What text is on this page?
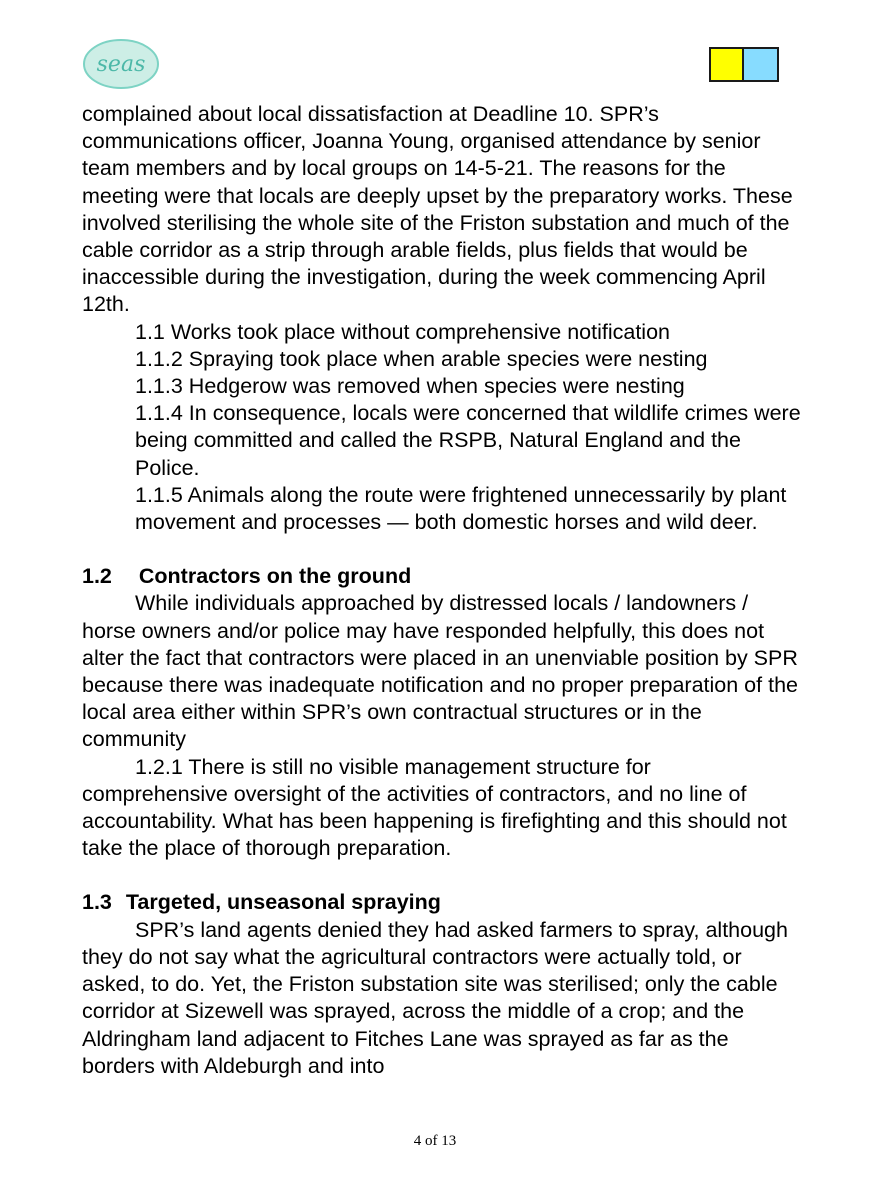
seas

complained about local dissatisfaction at Deadline 10. SPR’s communications officer, Joanna Young, organised attendance by senior team members and by local groups on 14-5-21. The reasons for the meeting were that locals are deeply upset by the preparatory works. These involved sterilising the whole site of the Friston substation and much of the cable corridor as a strip through arable fields, plus fields that would be inaccessible during the investigation, during the week commencing April 12th.

1.1 Works took place without comprehensive notification

1.1.2 Spraying took place when arable species were nesting

1.1.3 Hedgerow was removed when species were nesting

1.1.4 In consequence, locals were concerned that wildlife crimes were being committed and called the RSPB, Natural England and the Police.

1.1.5 Animals along the route were frightened unnecessarily by plant movement and processes — both domestic horses and wild deer.

1.2 Contractors on the ground

While individuals approached by distressed locals / landowners / horse owners and/or police may have responded helpfully, this does not alter the fact that contractors were placed in an unenviable position by SPR because there was inadequate notification and no proper preparation of the local area either within SPR’s own contractual structures or in the community

1.2.1 There is still no visible management structure for comprehensive oversight of the activities of contractors, and no line of accountability. What has been happening is firefighting and this should not take the place of thorough preparation.

1.3 Targeted, unseasonal spraying

SPR’s land agents denied they had asked farmers to spray, although they do not say what the agricultural contractors were actually told, or asked, to do. Yet, the Friston substation site was sterilised; only the cable corridor at Sizewell was sprayed, across the middle of a crop; and the Aldringham land adjacent to Fitches Lane was sprayed as far as the borders with Aldeburgh and into

4 of 13
